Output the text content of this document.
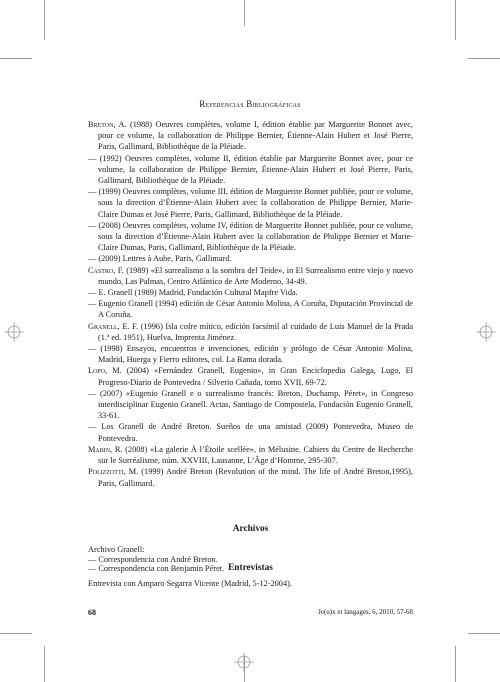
Referencias Bibliográficas

Breton, A. (1988) Oeuvres complètes, volume I, édition établie par Marguerite Bonnet avec, pour ce volume, la collaboration de Philippe Bernier, Étienne-Alain Hubert et José Pierre, Paris, Gallimard, Bibliothèque de la Pléiade.

— (1992) Oeuvres complètes, volume II, édition établie par Marguerite Bonnet avec, pour ce volume, la collaboration de Philippe Bernier, Étienne-Alain Hubert et José Pierre, Paris, Gallimard, Bibliothèque de la Pléiade.

— (1999) Oeuvres complètes, volume III, édition de Marguerite Bonnet publiée, pour ce volume, sous la direction d’Étienne-Alain Hubert avec la collaboration de Philippe Bernier, Marie-Claire Dumas et José Pierre, Paris, Gallimard, Bibliothèque de la Pléiade.

— (2008) Oeuvres complètes, volume IV, édition de Marguerite Bonnet publiée, pour ce volume, sous la direction d’Étienne-Alain Hubert avec la collaboration de Philippe Bernier et Marie-Claire Dumas, Paris, Gallimard, Bibliothèque de la Pléiade.

— (2009) Lettres à Aube, Paris, Gallimard.

Castro, F. (1989) «El surrealismo a la sombra del Teide», in El Surrealismo entre viejo y nuevo mundo, Las Palmas, Centro Atlántico de Arte Moderno, 34-49.

— E. Granell (1989) Madrid, Fundación Cultural Mapfre Vida.

— Eugenio Granell (1994) edición de César Antonio Molina, A Coruña, Diputación Provincial de A Coruña.

Granell, E. F. (1996) Isla cofre mítico, edición facsímil al cuidado de Luis Manuel de la Prada (1.ª ed. 1951), Huelva, Imprenta Jiménez.

— (1998) Ensayos, encuentros e invenciones, edición y prólogo de César Antonio Molina, Madrid, Huerga y Fierro editores, col. La Rama dorada.

Lopo, M. (2004) «Fernández Granell, Eugenio», in Gran Enciclopedia Galega, Lugo, El Progreso-Diario de Pontevedra / Silverio Cañada, tomo XVII, 69-72.

— (2007) «Eugenio Granell e o surrealismo francés: Breton, Duchamp, Péret», in Congreso interdisciplinar Eugenio Granell. Actas, Santiago de Compostela, Fundación Eugenio Granell, 33-61.

— Los Granell de André Breton. Sueños de una amistad (2009) Pontevedra, Museo de Pontevedra.

Mabin, R. (2008) «La galerie À l’Étoile scellée», in Mélusine. Cahiers du Centre de Recherche sur le Surréalisme, núm. XXVIII, Lausanne, L’Âge d’Homme, 295-307.

Polizzotti, M. (1999) André Breton (Revolution of the mind. The life of André Breton,1995), Paris, Gallimard.

Archivos

Archivo Granell:

— Correspondencia con André Breton.

— Correspondencia con Benjamin Péret. Entrevistas
Entrevista con Amparo Segarra Vicente (Madrid, 5-12-2004).
68	Je(u)x et langages, 6, 2010, 57-68
